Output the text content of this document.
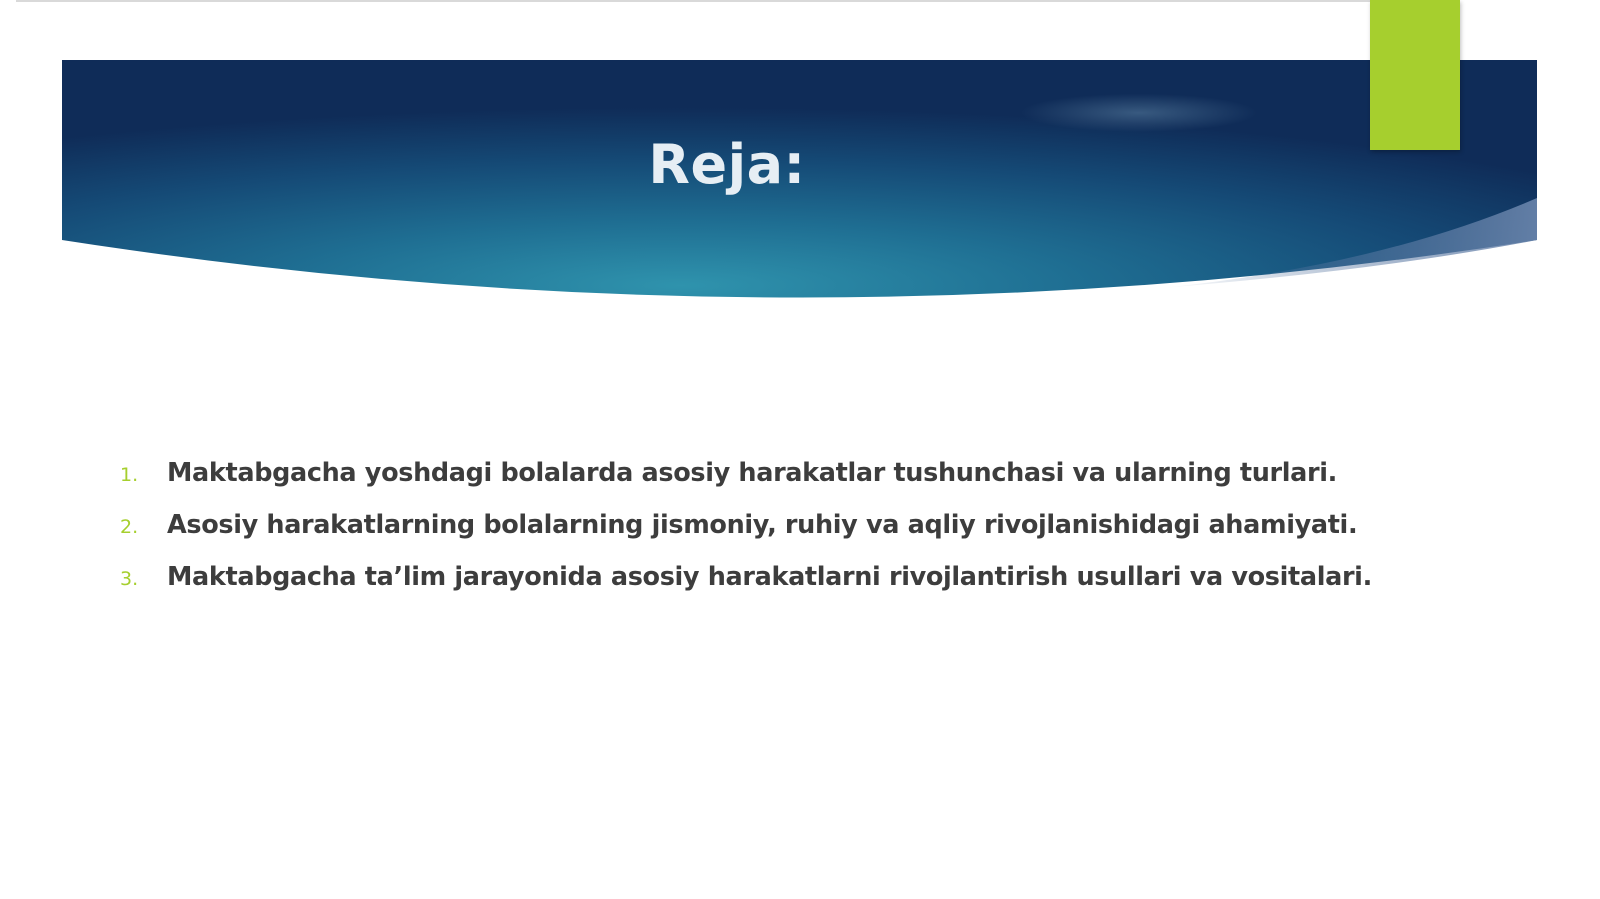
Reja:
1.	Maktabgacha yoshdagi bolalarda asosiy harakatlar tushunchasi va ularning turlari.
2.	Asosiy harakatlarning bolalarning jismoniy, ruhiy va aqliy rivojlanishidagi ahamiyati.
3.	Maktabgacha ta’lim jarayonida asosiy harakatlarni rivojlantirish usullari va vositalari.
